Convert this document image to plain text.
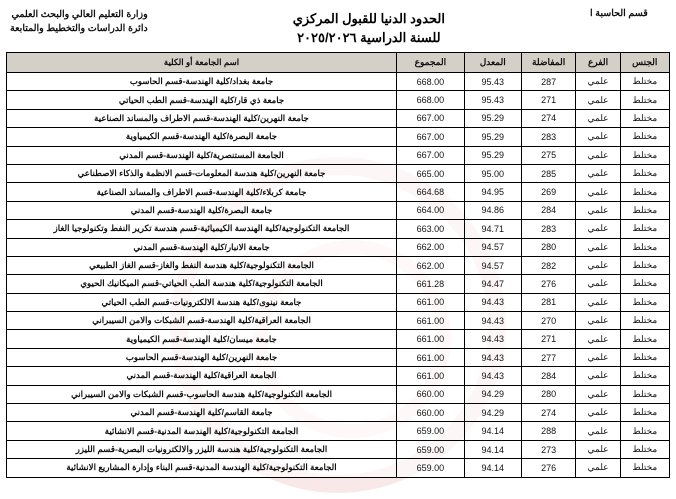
قسم الحاسبة ا
الحدود الدنيا للقبول المركزي
للسنة الدراسية ٢٠٢٥/٢٠٢٦
وزارة التعليم العالي والبحث العلمي
دائرة الدراسات والتخطيط والمتابعة
الجنس	الفرع	المفاضلة	المعدل	المجموع	اسم الجامعة أو الكلية
مختلط	علمي	287	95.43	668.00	جامعة بغداد/كلية الهندسة-قسم الحاسوب
مختلط	علمي	271	95.43	668.00	جامعة ذي قار/كلية الهندسة-قسم الطب الحياتي
مختلط	علمي	274	95.29	667.00	جامعة النهرين/كلية الهندسة-قسم الاطراف والمساند الصناعية
مختلط	علمي	283	95.29	667.00	جامعة البصرة/كلية الهندسة-قسم الكيمياوية
مختلط	علمي	275	95.29	667.00	الجامعة المستنصرية/كلية الهندسة-قسم المدني
مختلط	علمي	285	95.00	665.00	جامعة النهرين/كلية هندسة المعلومات-قسم الانظمة والذكاء الاصطناعي
مختلط	علمي	269	94.95	664.68	جامعة كربلاء/كلية الهندسة-قسم الاطراف والمساند الصناعية
مختلط	علمي	284	94.86	664.00	جامعة البصرة/كلية الهندسة-قسم المدني
مختلط	علمي	283	94.71	663.00	الجامعة التكنولوجية/كلية الهندسة الكيميائية-قسم هندسة تكرير النفط وتكنولوجيا الغاز
مختلط	علمي	280	94.57	662.00	جامعة الانبار/كلية الهندسة-قسم المدني
مختلط	علمي	282	94.57	662.00	الجامعة التكنولوجية/كلية هندسة النفط والغاز-قسم الغاز الطبيعي
مختلط	علمي	276	94.47	661.28	الجامعة التكنولوجية/كلية هندسة الطب الحياتي-قسم الميكانيك الحيوي
مختلط	علمي	281	94.43	661.00	جامعة نينوى/كلية هندسة الالكترونيات-قسم الطب الحياتي
مختلط	علمي	270	94.43	661.00	الجامعة العراقية/كلية الهندسة-قسم الشبكات والامن السيبراني
مختلط	علمي	271	94.43	661.00	جامعة ميسان/كلية الهندسة-قسم الكيمياوية
مختلط	علمي	277	94.43	661.00	جامعة النهرين/كلية الهندسة-قسم الحاسوب
مختلط	علمي	284	94.43	661.00	الجامعة العراقية/كلية الهندسة-قسم المدني
مختلط	علمي	280	94.29	660.00	الجامعة التكنولوجية/كلية هندسة الحاسوب-قسم الشبكات والامن السيبراني
مختلط	علمي	274	94.29	660.00	جامعة القاسم/كلية الهندسة-قسم المدني
مختلط	علمي	288	94.14	659.00	الجامعة التكنولوجية/كلية الهندسة المدنية-قسم الانشائية
مختلط	علمي	273	94.14	659.00	الجامعة التكنولوجية/كلية هندسة الليزر والالكترونيات البصرية-قسم الليزر
مختلط	علمي	276	94.14	659.00	الجامعة التكنولوجية/كلية الهندسة المدنية-قسم البناء وإدارة المشاريع الانشائية
